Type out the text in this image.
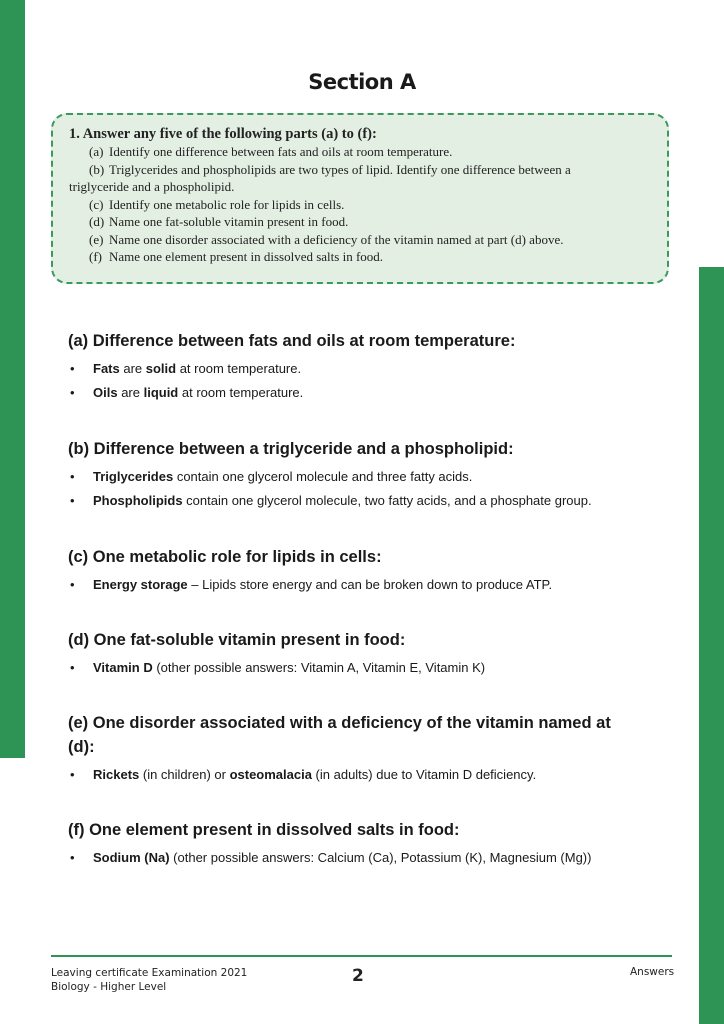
Section A
1. Answer any five of the following parts (a) to (f):
(a) Identify one difference between fats and oils at room temperature.
(b) Triglycerides and phospholipids are two types of lipid. Identify one difference between a
triglyceride and a phospholipid.
(c) Identify one metabolic role for lipids in cells.
(d) Name one fat-soluble vitamin present in food.
(e) Name one disorder associated with a deficiency of the vitamin named at part (d) above.
(f) Name one element present in dissolved salts in food.
(a) Difference between fats and oils at room temperature:
• Fats are solid at room temperature.
• Oils are liquid at room temperature.
(b) Difference between a triglyceride and a phospholipid:
• Triglycerides contain one glycerol molecule and three fatty acids.
• Phospholipids contain one glycerol molecule, two fatty acids, and a phosphate group.
(c) One metabolic role for lipids in cells:
• Energy storage – Lipids store energy and can be broken down to produce ATP.
(d) One fat-soluble vitamin present in food:
• Vitamin D (other possible answers: Vitamin A, Vitamin E, Vitamin K)
(e) One disorder associated with a deficiency of the vitamin named at
(d):
• Rickets (in children) or osteomalacia (in adults) due to Vitamin D deficiency.
(f) One element present in dissolved salts in food:
• Sodium (Na) (other possible answers: Calcium (Ca), Potassium (K), Magnesium (Mg))
Leaving certificate Examination 2021
Biology - Higher Level
2	Answers
